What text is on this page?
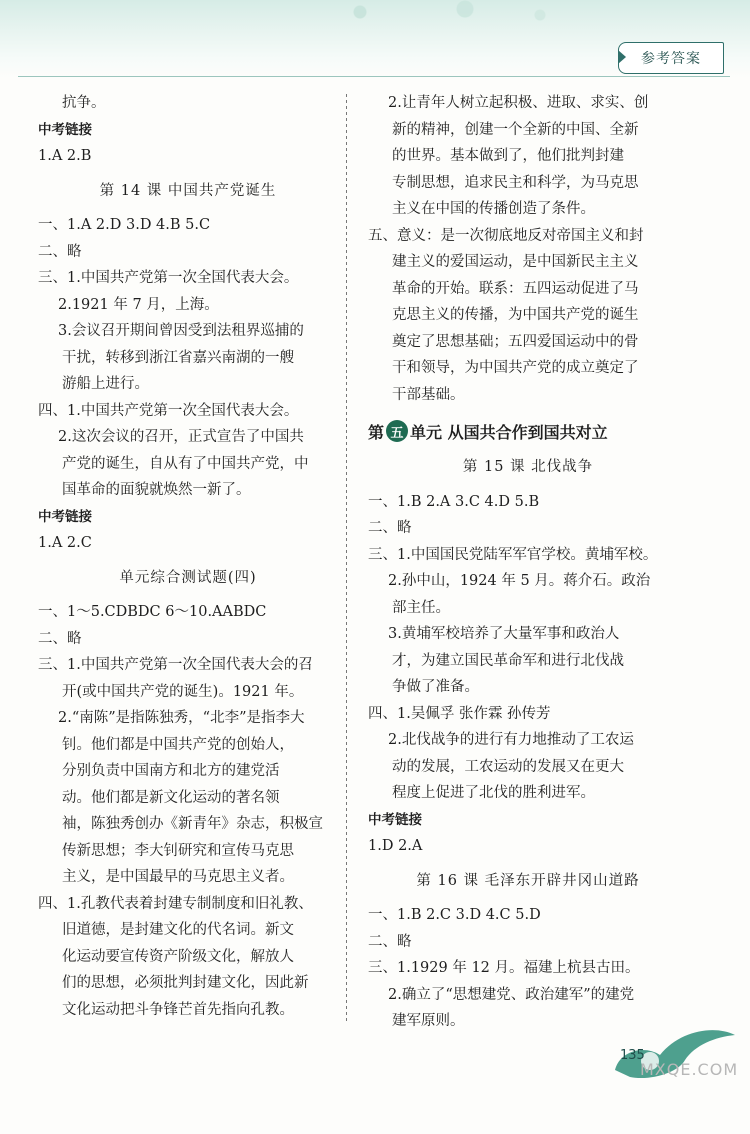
参考答案
抗争。
中考链接
1.A 2.B
第 14 课 中国共产党诞生
一、1.A 2.D 3.D 4.B 5.C
二、略
三、1.中国共产党第一次全国代表大会。
2.1921 年 7 月，上海。
3.会议召开期间曾因受到法租界巡捕的
干扰，转移到浙江省嘉兴南湖的一艘
游船上进行。
四、1.中国共产党第一次全国代表大会。
2.这次会议的召开，正式宣告了中国共
产党的诞生，自从有了中国共产党，中
国革命的面貌就焕然一新了。
中考链接
1.A 2.C
单元综合测试题(四)
一、1～5.CDBDC 6～10.AABDC
二、略
三、1.中国共产党第一次全国代表大会的召
开(或中国共产党的诞生)。1921 年。
2.“南陈”是指陈独秀，“北李”是指李大
钊。他们都是中国共产党的创始人，
分别负责中国南方和北方的建党活
动。他们都是新文化运动的著名领
袖，陈独秀创办《新青年》杂志，积极宣
传新思想；李大钊研究和宣传马克思
主义，是中国最早的马克思主义者。
四、1.孔教代表着封建专制制度和旧礼教、
旧道德，是封建文化的代名词。新文
化运动要宣传资产阶级文化，解放人
们的思想，必须批判封建文化，因此新
文化运动把斗争锋芒首先指向孔教。
2.让青年人树立起积极、进取、求实、创
新的精神，创建一个全新的中国、全新
的世界。基本做到了，他们批判封建
专制思想，追求民主和科学，为马克思
主义在中国的传播创造了条件。
五、意义：是一次彻底地反对帝国主义和封
建主义的爱国运动，是中国新民主主义
革命的开始。联系：五四运动促进了马
克思主义的传播，为中国共产党的诞生
奠定了思想基础；五四爱国运动中的骨
干和领导，为中国共产党的成立奠定了
干部基础。
第 五 单元 从国共合作到国共对立
第 15 课 北伐战争
一、1.B 2.A 3.C 4.D 5.B
二、略
三、1.中国国民党陆军军官学校。黄埔军校。
2.孙中山，1924 年 5 月。蒋介石。政治
部主任。
3.黄埔军校培养了大量军事和政治人
才，为建立国民革命军和进行北伐战
争做了准备。
四、1.吴佩孚 张作霖 孙传芳
2.北伐战争的进行有力地推动了工农运
动的发展，工农运动的发展又在更大
程度上促进了北伐的胜利进军。
中考链接
1.D 2.A
第 16 课 毛泽东开辟井冈山道路
一、1.B 2.C 3.D 4.C 5.D
二、略
三、1.1929 年 12 月。福建上杭县古田。
2.确立了“思想建党、政治建军”的建党
建军原则。
135
MXQE.COM
